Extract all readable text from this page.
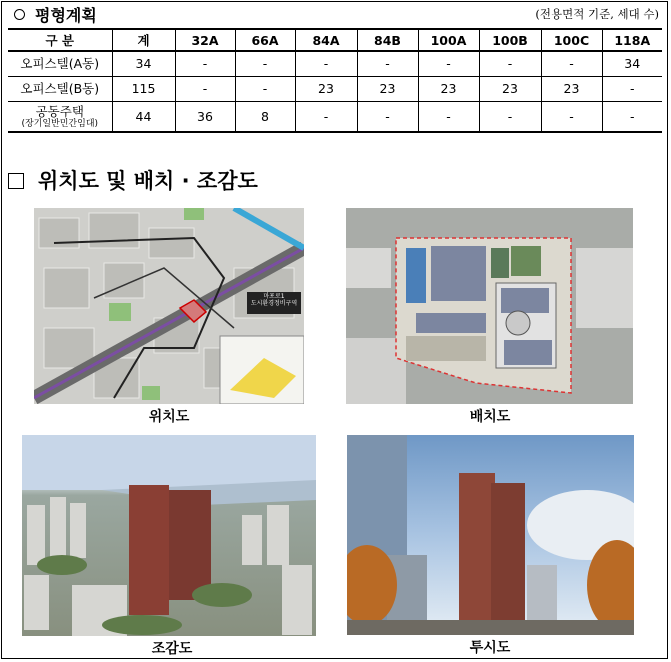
평형계획	(전용면적 기준, 세대 수)
구 분	계	32A	66A	84A	84B	100A	100B	100C	118A
오피스텔(A동)	34	-	-	-	-	-	-	-	34
오피스텔(B동)	115	-	-	23	23	23	23	23	-
공동주택
(장기일반민간임대)	44	36	8	-	-	-	-	-	-
위치도 및 배치 · 조감도
마포로1
도시환경정비구역
위치도	배치도
조감도	투시도
